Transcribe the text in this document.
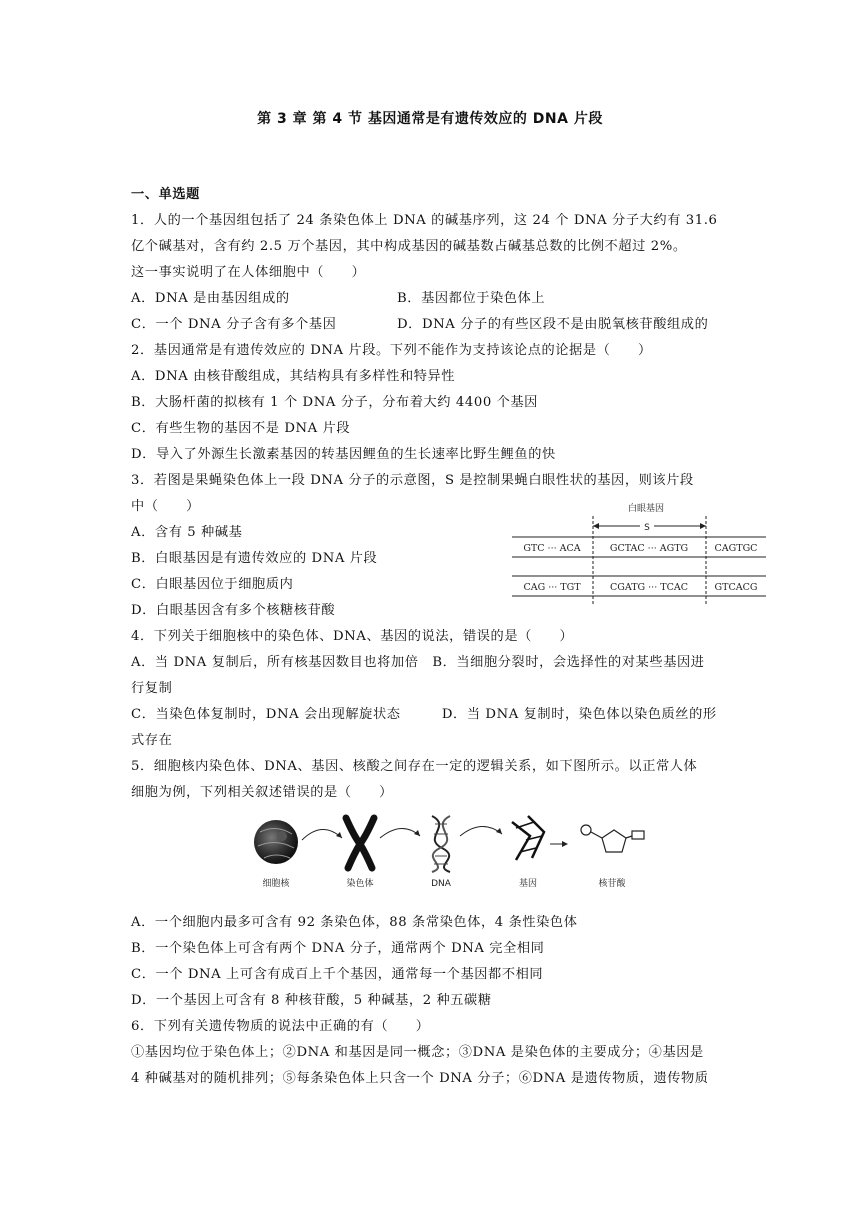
第 3 章 第 4 节 基因通常是有遗传效应的 DNA 片段
一、单选题
1．人的一个基因组包括了 24 条染色体上 DNA 的碱基序列，这 24 个 DNA 分子大约有 31.6
亿个碱基对，含有约 2.5 万个基因，其中构成基因的碱基数占碱基总数的比例不超过 2%。
这一事实说明了在人体细胞中（　　）
A．DNA 是由基因组成的	B．基因都位于染色体上
C．一个 DNA 分子含有多个基因	D．DNA 分子的有些区段不是由脱氧核苷酸组成的
2．基因通常是有遗传效应的 DNA 片段。下列不能作为支持该论点的论据是（　　）
A．DNA 由核苷酸组成，其结构具有多样性和特异性
B．大肠杆菌的拟核有 1 个 DNA 分子，分布着大约 4400 个基因
C．有些生物的基因不是 DNA 片段
D．导入了外源生长激素基因的转基因鲤鱼的生长速率比野生鲤鱼的快
3．若图是果蝇染色体上一段 DNA 分子的示意图，S 是控制果蝇白眼性状的基因，则该片段
中（　　）
A．含有 5 种碱基
B．白眼基因是有遗传效应的 DNA 片段
C．白眼基因位于细胞质内
D．白眼基因含有多个核糖核苷酸
白眼基因
S
GTC ··· ACA	GCTAC ··· AGTG	CAGTGC
CAG ··· TGT	CGATG ··· TCAC	GTCACG
4．下列关于细胞核中的染色体、DNA、基因的说法，错误的是（　　）
A．当 DNA 复制后，所有核基因数目也将加倍　B．当细胞分裂时，会选择性的对某些基因进
行复制
C．当染色体复制时，DNA 会出现解旋状态　　　D．当 DNA 复制时，染色体以染色质丝的形
式存在
5．细胞核内染色体、DNA、基因、核酸之间存在一定的逻辑关系，如下图所示。以正常人体
细胞为例，下列相关叙述错误的是（　　）
细胞核	染色体	DNA	基因	核苷酸
A．一个细胞内最多可含有 92 条染色体，88 条常染色体，4 条性染色体
B．一个染色体上可含有两个 DNA 分子，通常两个 DNA 完全相同
C．一个 DNA 上可含有成百上千个基因，通常每一个基因都不相同
D．一个基因上可含有 8 种核苷酸，5 种碱基，2 种五碳糖
6．下列有关遗传物质的说法中正确的有（　　）
①基因均位于染色体上；②DNA 和基因是同一概念；③DNA 是染色体的主要成分；④基因是
4 种碱基对的随机排列；⑤每条染色体上只含一个 DNA 分子；⑥DNA 是遗传物质，遗传物质
